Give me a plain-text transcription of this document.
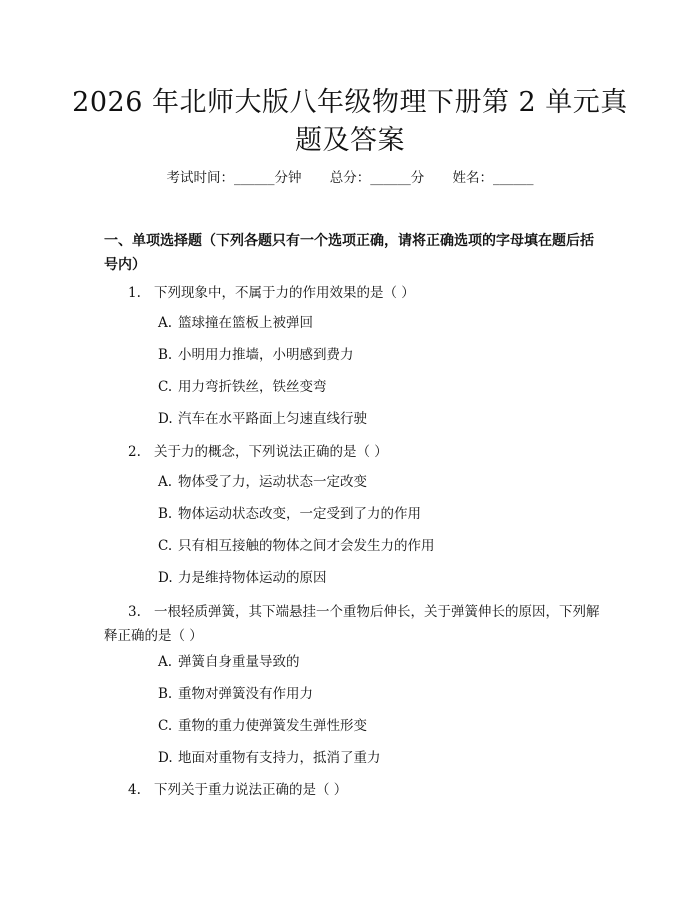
2026 年北师大版八年级物理下册第 2 单元真
题及答案
考试时间：______分钟 总分：______分 姓名：______
一、单项选择题（下列各题只有一个选项正确，请将正确选项的字母填在题后括号内）
1. 下列现象中，不属于力的作用效果的是（ ）
A. 篮球撞在篮板上被弹回
B. 小明用力推墙，小明感到费力
C. 用力弯折铁丝，铁丝变弯
D. 汽车在水平路面上匀速直线行驶
2. 关于力的概念，下列说法正确的是（ ）
A. 物体受了力，运动状态一定改变
B. 物体运动状态改变，一定受到了力的作用
C. 只有相互接触的物体之间才会发生力的作用
D. 力是维持物体运动的原因
3. 一根轻质弹簧，其下端悬挂一个重物后伸长，关于弹簧伸长的原因，下列解释正确的是（ ）
A. 弹簧自身重量导致的
B. 重物对弹簧没有作用力
C. 重物的重力使弹簧发生弹性形变
D. 地面对重物有支持力，抵消了重力
4. 下列关于重力说法正确的是（ ）
